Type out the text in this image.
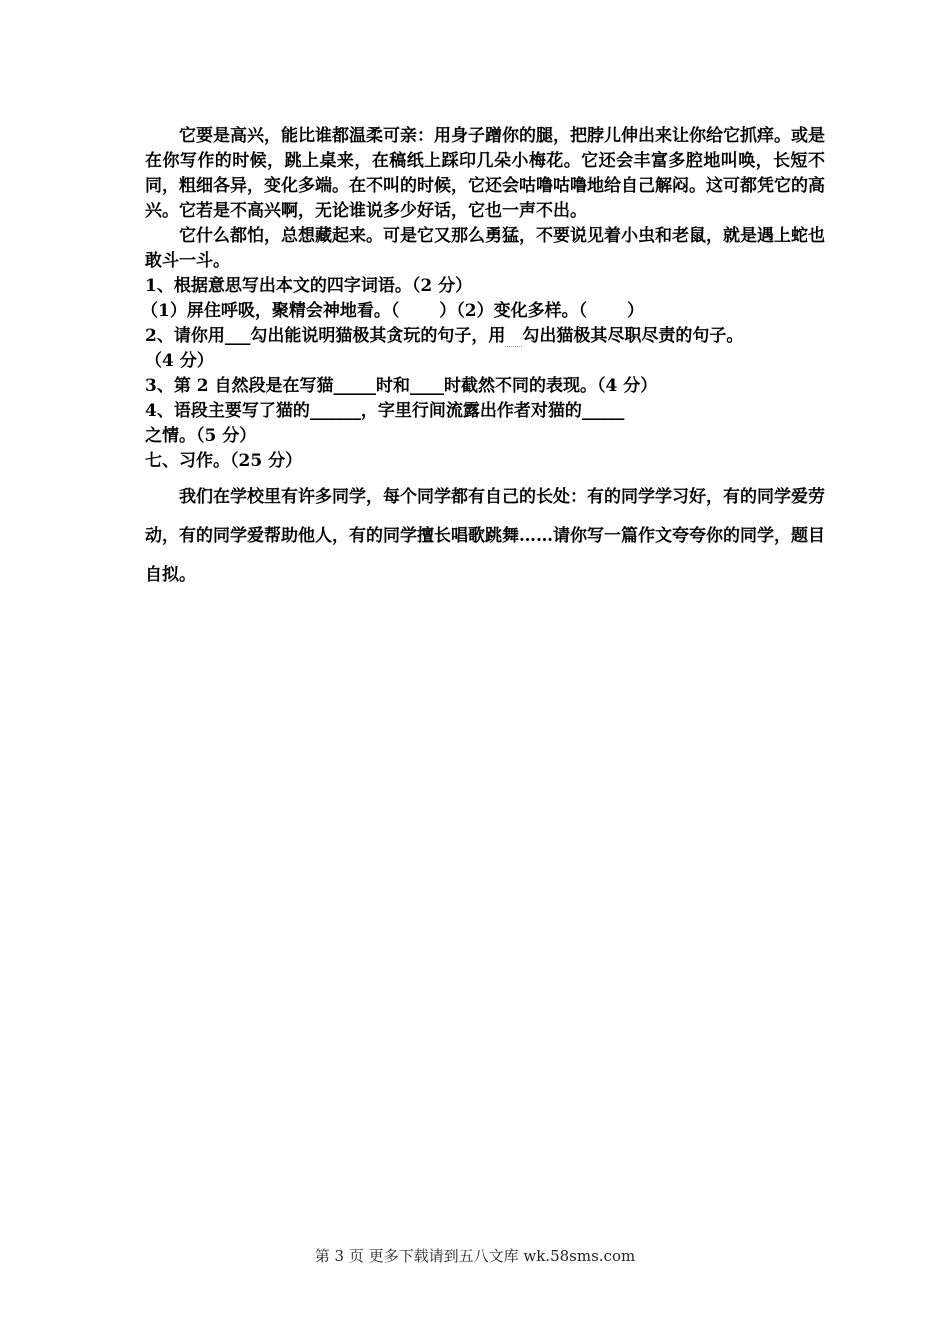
它要是高兴，能比谁都温柔可亲：用身子蹭你的腿，把脖儿伸出来让你给它抓痒。或是在你写作的时候，跳上桌来，在稿纸上踩印几朵小梅花。它还会丰富多腔地叫唤，长短不同，粗细各异，变化多端。在不叫的时候，它还会咕噜咕噜地给自己解闷。这可都凭它的高兴。它若是不高兴啊，无论谁说多少好话，它也一声不出。

它什么都怕，总想藏起来。可是它又那么勇猛，不要说见着小虫和老鼠，就是遇上蛇也敢斗一斗。

1、根据意思写出本文的四字词语。（2 分）

（1）屏住呼吸，聚精会神地看。（　　 ）（2）变化多样。（　　 ）

2、请你用___勾出能说明猫极其贪玩的句子，用　 勾出猫极其尽职尽责的句子。

（4 分）

3、第 2 自然段是在写猫_____时和____时截然不同的表现。（4 分）

4、语段主要写了猫的______，字里行间流露出作者对猫的_____

之情。（5 分）

七、习作。（25 分）

我们在学校里有许多同学，每个同学都有自己的长处：有的同学学习好，有的同学爱劳动，有的同学爱帮助他人，有的同学擅长唱歌跳舞……请你写一篇作文夸夸你的同学，题目自拟。

第 3 页 更多下载请到五八文库 wk.58sms.com
